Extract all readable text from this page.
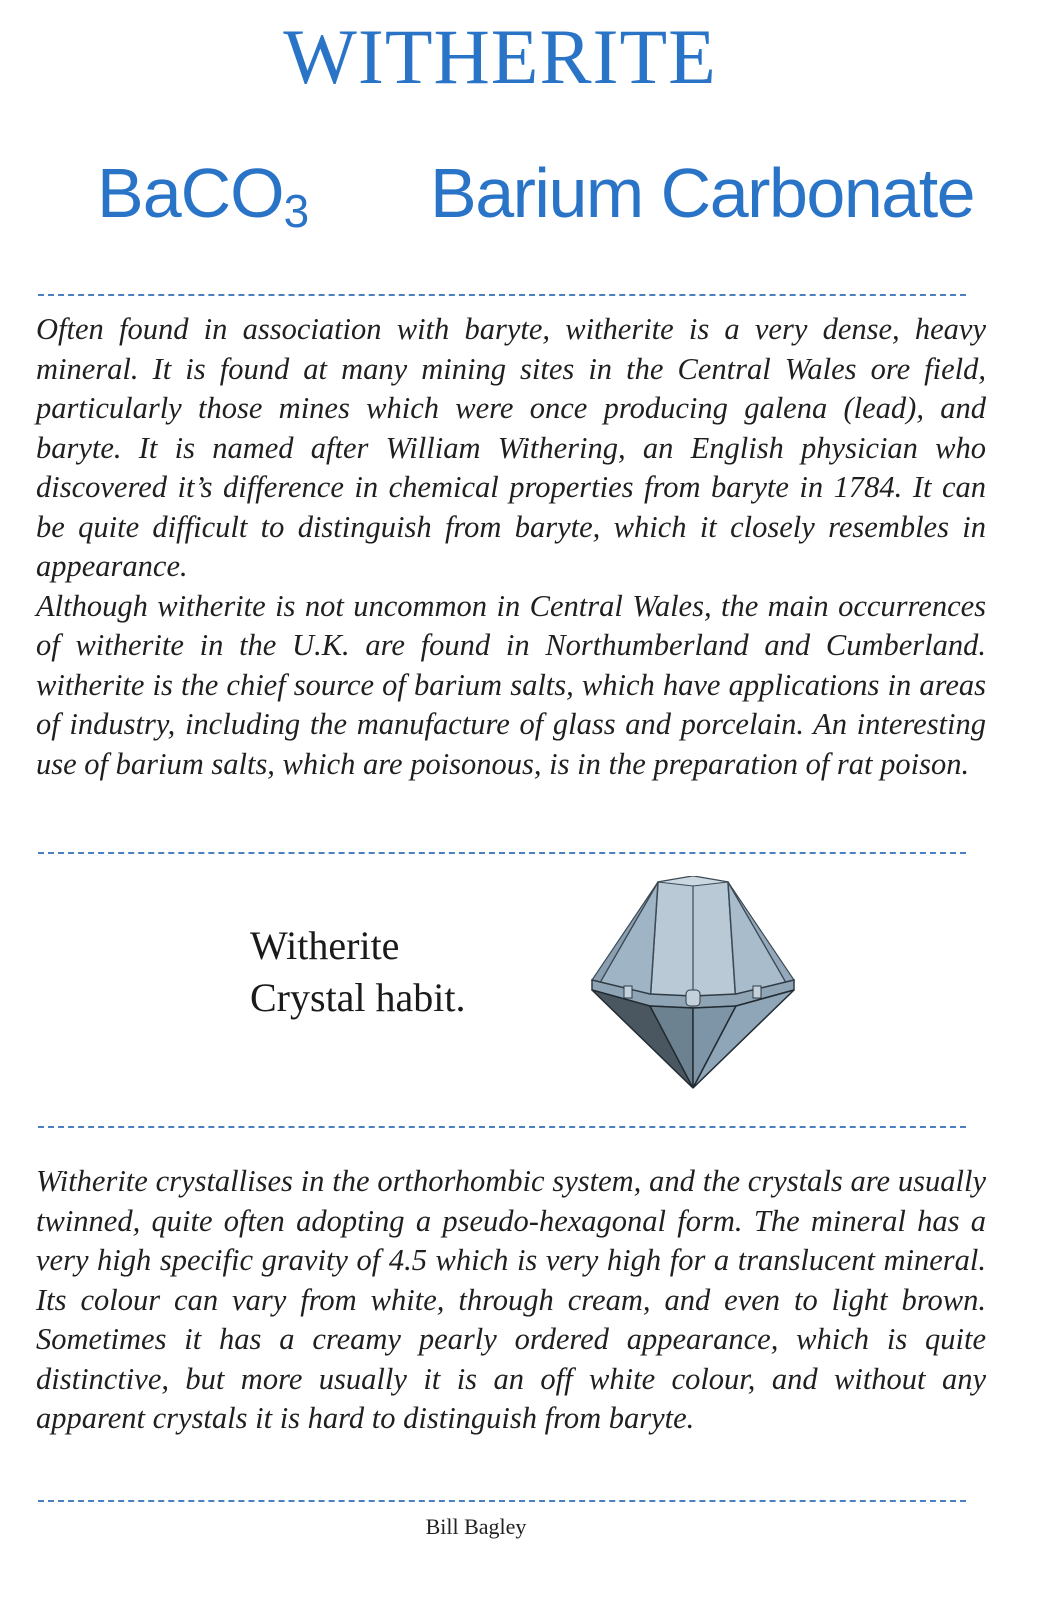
WITHERITE
BaCO$_3$ Barium Carbonate
Often found in association with baryte, witherite is a very dense, heavy mineral. It is found at many mining sites in the Central Wales ore field, particularly those mines which were once producing galena (lead), and baryte. It is named after William Withering, an English physician who discovered it’s difference in chemical properties from baryte in 1784. It can be quite difficult to distinguish from baryte, which it closely resembles in appearance.
Although witherite is not uncommon in Central Wales, the main occurrences of witherite in the U.K. are found in Northumberland and Cumberland. witherite is the chief source of barium salts, which have applications in areas of industry, including the manufacture of glass and porcelain. An interesting use of barium salts, which are poisonous, is in the preparation of rat poison.
Witherite
Crystal habit.
Witherite crystallises in the orthorhombic system, and the crystals are usually twinned, quite often adopting a pseudo-hexagonal form. The mineral has a very high specific gravity of 4.5 which is very high for a translucent mineral. Its colour can vary from white, through cream, and even to light brown. Sometimes it has a creamy pearly ordered appearance, which is quite distinctive, but more usually it is an off white colour, and without any apparent crystals it is hard to distinguish from baryte.
Bill Bagley
